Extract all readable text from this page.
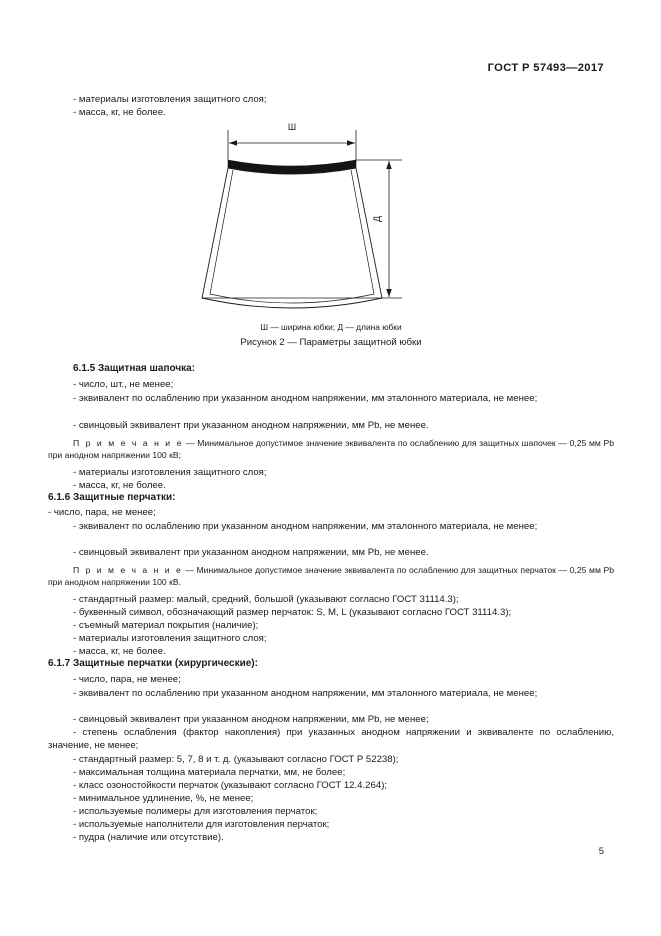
ГОСТ Р 57493—2017
- материалы изготовления защитного слоя;
- масса, кг, не более.
Ш
Д
Ш — ширина юбки; Д — длина юбки
Рисунок 2 — Параметры защитной юбки
6.1.5 Защитная шапочка:
- число, шт., не менее;
- эквивалент по ослаблению при указанном анодном напряжении, мм эталонного материала, не менее;
- свинцовый эквивалент при указанном анодном напряжении, мм Pb, не менее.
П р и м е ч а н и е — Минимальное допустимое значение эквивалента по ослаблению для защитных шапочек — 0,25 мм Pb при анодном напряжении 100 кВ;
- материалы изготовления защитного слоя;
- масса, кг, не более.
6.1.6 Защитные перчатки:
- число, пара, не менее;
- эквивалент по ослаблению при указанном анодном напряжении, мм эталонного материала, не менее;
- свинцовый эквивалент при указанном анодном напряжении, мм Pb, не менее.
П р и м е ч а н и е — Минимальное допустимое значение эквивалента по ослаблению для защитных перчаток — 0,25 мм Pb при анодном напряжении 100 кВ.
- стандартный размер: малый, средний, большой (указывают согласно ГОСТ 31114.3);
- буквенный символ, обозначающий размер перчаток: S, M, L (указывают согласно ГОСТ 31114.3);
- съемный материал покрытия (наличие);
- материалы изготовления защитного слоя;
- масса, кг, не более.
6.1.7 Защитные перчатки (хирургические):
- число, пара, не менее;
- эквивалент по ослаблению при указанном анодном напряжении, мм эталонного материала, не менее;
- свинцовый эквивалент при указанном анодном напряжении, мм Pb, не менее;
- степень ослабления (фактор накопления) при указанных анодном напряжении и эквиваленте по ослаблению, значение, не менее;
- стандартный размер: 5, 7, 8 и т. д. (указывают согласно ГОСТ Р 52238);
- максимальная толщина материала перчатки, мм, не более;
- класс озоностойкости перчаток (указывают согласно ГОСТ 12.4.264);
- минимальное удлинение, %, не менее;
- используемые полимеры для изготовления перчаток;
- используемые наполнители для изготовления перчаток;
- пудра (наличие или отсутствие).
5
